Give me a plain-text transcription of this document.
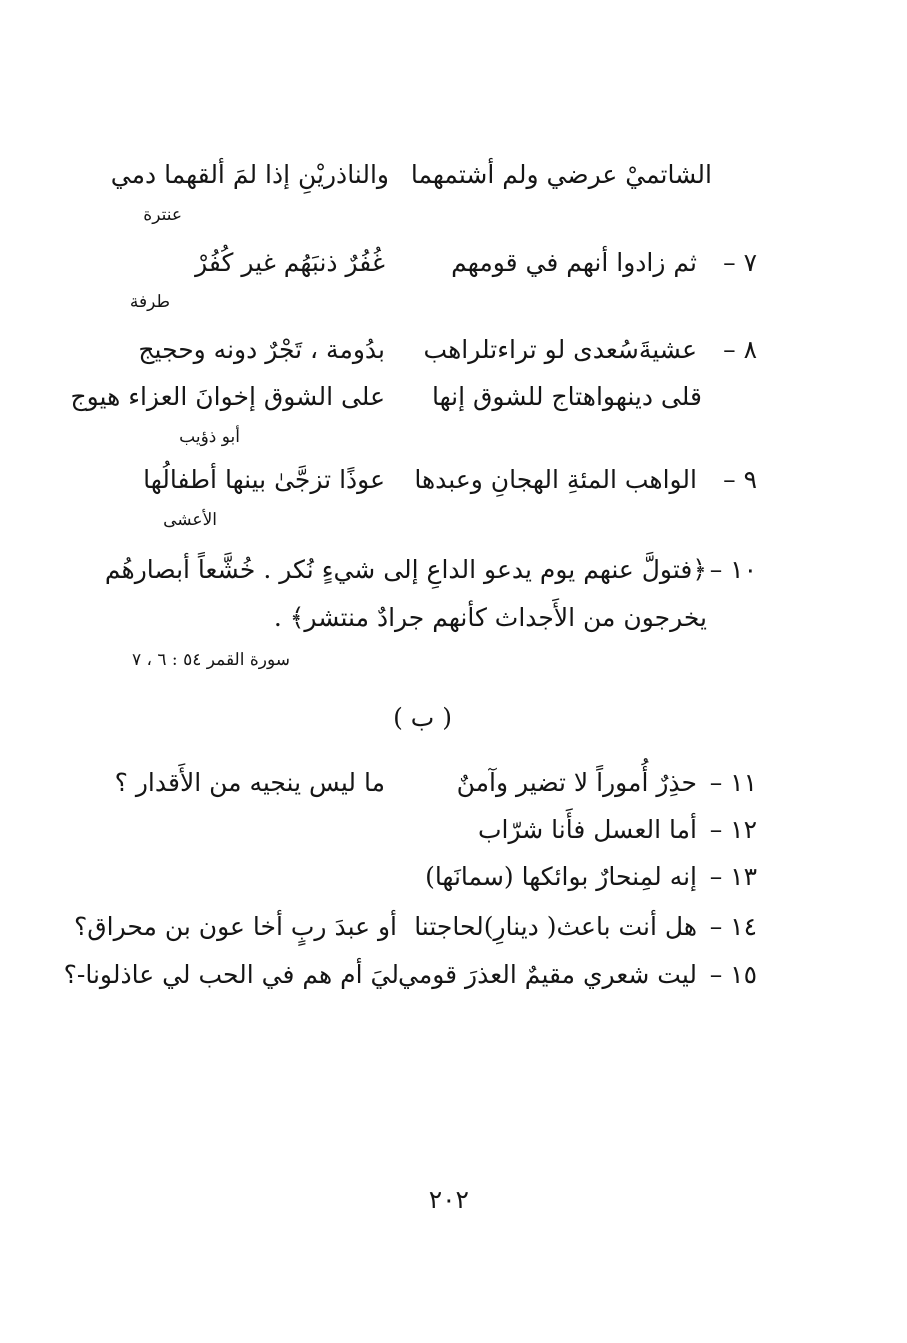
الشاتميْ عرضي ولم أشتمهما
والناذريْنِ إذا لمَ ألقهما دمي
عنترة
٧ –
ثم زادوا أنهم في قومهم
غُفُرٌ ذنبَهُم غير كُفُرْ
طرفة
٨ –
عشيةَسُعدى لو تراءتلراهب
بدُومة ، تَجْرٌ دونه وحجيج
قلى دينهواهتاج للشوق إنها
على الشوق إخوانَ العزاء هيوج
أبو ذؤيب
٩ –
الواهب المئةِ الهجانِ وعبدها
عوذًا تزجَّىٰ بينها أطفالُها
الأعشى
١٠ –
﴿فتولَّ عنهم يوم يدعو الداعِ إلى شيءٍ نُكر . خُشَّعاً أبصارهُم
يخرجون من الأَجداث كأنهم جرادٌ منتشر﴾ .
سورة القمر ٥٤ : ٦ ، ٧
( ب )
١١ –
حذِرٌ أُموراً لا تضير وآمنٌ
ما ليس ينجيه من الأَقدار ؟
١٢ –
أما العسل فأَنا شرّاب
١٣ –
إنه لمِنحارٌ بوائكها (سمانَها)
١٤ –
هل أنت باعث( دينارِ)لحاجتنا
أو عبدَ ربٍ أخا عون بن محراق؟
١٥ –
ليت شعري مقيمٌ العذرَ قومي
ليَ أم هم في الحب لي عاذلونا-؟
٢٠٢
